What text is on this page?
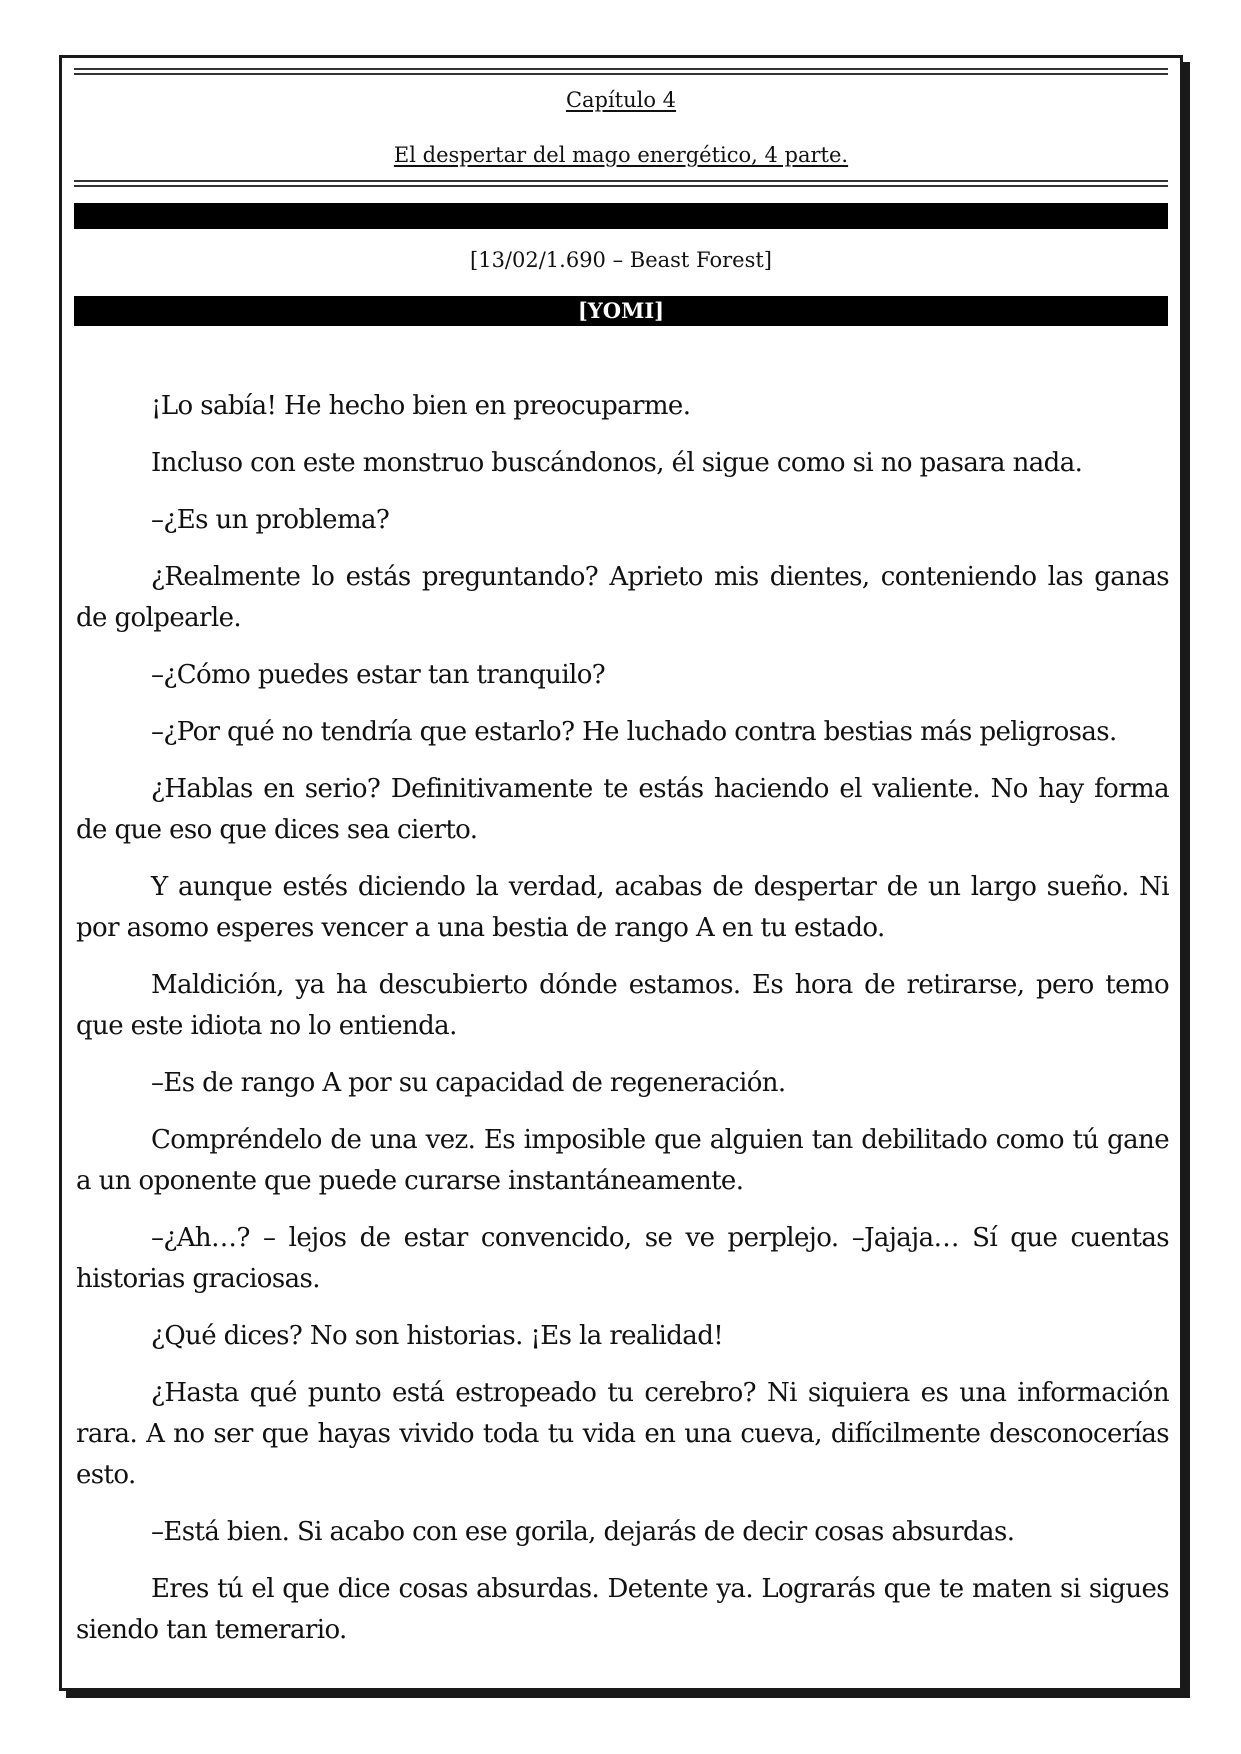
Capítulo 4
El despertar del mago energético, 4 parte.
[13/02/1.690 – Beast Forest]
[YOMI]

¡Lo sabía! He hecho bien en preocuparme.

Incluso con este monstruo buscándonos, él sigue como si no pasara nada.

–¿Es un problema?

¿Realmente lo estás preguntando? Aprieto mis dientes, conteniendo las ganas de golpearle.

–¿Cómo puedes estar tan tranquilo?

–¿Por qué no tendría que estarlo? He luchado contra bestias más peligrosas.

¿Hablas en serio? Definitivamente te estás haciendo el valiente. No hay forma de que eso que dices sea cierto.

Y aunque estés diciendo la verdad, acabas de despertar de un largo sueño. Ni por asomo esperes vencer a una bestia de rango A en tu estado.

Maldición, ya ha descubierto dónde estamos. Es hora de retirarse, pero temo que este idiota no lo entienda.

–Es de rango A por su capacidad de regeneración.

Compréndelo de una vez. Es imposible que alguien tan debilitado como tú gane a un oponente que puede curarse instantáneamente.

–¿Ah…? – lejos de estar convencido, se ve perplejo. –Jajaja… Sí que cuentas historias graciosas.

¿Qué dices? No son historias. ¡Es la realidad!

¿Hasta qué punto está estropeado tu cerebro? Ni siquiera es una información rara. A no ser que hayas vivido toda tu vida en una cueva, difícilmente desconocerías esto.

–Está bien. Si acabo con ese gorila, dejarás de decir cosas absurdas.

Eres tú el que dice cosas absurdas. Detente ya. Lograrás que te maten si sigues siendo tan temerario.
